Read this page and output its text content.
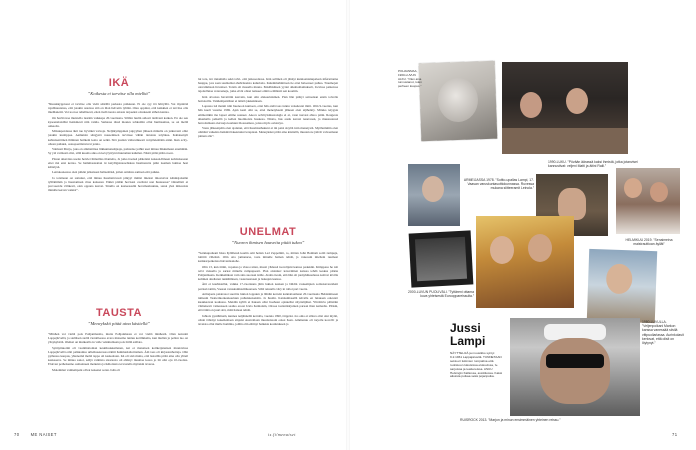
IKÄ
”Koikesta ei tarvitse olla mielhä”

”Ruuskkyppiossi ei tarvitse olla vielä säntillä parkasta palkkaan. Ei ole syy itä höttyillä. Voi myöntää rajallisuutensa, että jotakin asioissa sitä on ihan helvetin tyhmä. Oleu oppinut, että kaikkien ei tarvitse olla mielhaneitä. Voi ua noa rehellisesti, eiten tiedä tuosta asiasta tarpeeksi ottaakseni siihen kantaa.

On havittavaa muistella tiesään vaikkapa 20-vuotiasna. Sillöin luulin aidosti tietävani kaikon. En ole seu kyseenalaistllut henkinesti niin vanha. Samassa iässä moutes tohkattiin ollut hurmaantua, se on mellä onkeolta.

Mitsuupoidessa äkti tuo hyvinkä vaivoja. Neljäkymppinen jaipyyhen jälkeen minulla on jatkuvasti ollut jotakin kremppaa. Aamuisin sängystä nousemisen tarvitsee vähän tietoisia telyäkaa. Kahaisenyli kahtaisenttinen ihminen heilkein koita on selkä. Sitä joudun väärestiksesti venytleiemään aniki. Ikan ecity-olleen pahaksi, osteopaatilenvuvat jonna.

Vaimoni Marjo, joka on ammattinsa liikkunnanohjaaja, patistelee joihin usei minua liikkumaan enemmän. Sy ytä varmasti olisi, sillä kuoma aika on kevytyötyni muutaman kaikilen. Nästä pitää pitää eroon.

Pitaan aikavitaa useite hetviet himaillaa tilanteita, Ja jotka itsensä päätelaisi kokaan.Ilmeen kohdaisesaan ettei mé ensi kertaa. Se hammastaattan ni kaiylligaisiosellekau hasmastatta pään naaman lukitaa hesi kättelysä.

Lentokoneessa olen pitkän jalkansesi helisemäsä, joilen onniista aamaan että paikka.

Ja toisinaan on sattunut, että minua huomattavasti pitkyyt mmisi mielest imostoivat kännisjaissiän tylilämmän ja huastamaan ritua kansaasi. Eikkä pitään hovisasi ovelisisi uan huuteessa? Onnellisii ei provosoidu välikesti, olen oppana kasvei. Sinulla on kasteeaaslin hovemaaluunuu, sanoi yksi mikosista minulle kerran vaäatst”.

TAUSTA
”Meneykskö pitää aina käsitellä”

”Minhen voi vieltä pois Pohjanmaalta, mutta Pohjanmaata ei voi vieltä minhestä. Olen koissini Lappajärvellä, ja sielläsen siellä vierailleessa avara maisema tuntuu kotilikkalta, kun mullan ja pellon tuo on ylisykyistää. Oleiksi on muikealla iu valle veinkiamaan pois tiällä esillata.

Synnyinkotini oli vaatimattoman keskiluokkailenen, kai oi menaisen koilkerjanaisen muutavissa Lappajärvellä eräti palkkainsa urheiluseurassa nämii hammaslailoittemen. Äiti taas oli kirjastonhoitaja. Olin pythesuo kuopus, yhtenomä meltä tappa oli kaskoitaan. Isä oli sisä muita, että lastaillis pitää aina olla yhteil kaskaaava. Se minua sanoi, seiljä vanhista sisariosta oli ehtinyt muuttaa kotoa jo lät olin oju 10-vuotias. Eloivan perheisenne osmonneen menuista ja ikäloitasta tervastella myöskin tavaraa.

Molemmat vanhempani olivat kokenet sotan. Isän oli

lut tota, isä riutamalla sekä talvi- että jatkosodassa. Isän sellinen oli jännyt kunnaantanupaleen niferuttanna hauppu, jota saan saumamai ehehriteeista kaluriatta. Kulemmahnittaan tie ettei halooneet puhua. Traumojen olevammaan havaitset. Toisin oli mouella muuta. Enkähtsäisen yyriet alkahoitiamukselt, Icevissa paikoissa tajoitellutaa veteraaneja, jotka eivät olleet nanseet omitta elämistä sen koomin.

Isän aivoissa havaittiin kasvain, kun olin alakoululainen. Pian hän päätyi sairaalaan ensin tolvelle hoitoloille. Vanhempanilisut ei näistä jakkakikaan.

Lopussa isä menni niin huonoon kuntoon, ettei hän enää taas tunnu venaäestai mitti. Olin 9-vuotias, kun hän kuoli vuonna 1969. Ajan kesti olin se, ettei menetykseni jälkeen olen aijihentty. Mituka tetygsia emmoriikin me lapset emme saaneet. Anoca selvityismuotaisgia ei ai, vaan tuevasi ehtoa pätin. Reugesta alkamalla pelkellä ja kellen huomioista houkesa. Näatta, hus aaslu kavesi naarraaan, ja muussatessä herroitamaan olertaeja kouluun tiloassaikou, joissa myös osloistyu.

Vasta jälkeenpäin olen ajatunut, että huomionhakuni ai iin paisi sisyltä isän menetystä. Myöhemmin olen olimäni vaikeina hetkinä hakeutunut lerapiaan. Meneykskö pitää aina käsitellä, muuten ne jäävät vaivaamaan pinnan alle”.

UNELMAT
”Nuoren ihmisen haaveita pitää tukea”

”Serkkupoikani hissa hyllälessä koulin omi heitan Led Zeppelinit, ro, mitten John Bonham soitti rumpuja, lohtitti villeiisti. Olin otta jamanarsa, tasta minulle hainan tehdä, ja vakosam imelleni ruumast karkkarpoikeissa haivanlaanohe.

Olin 13, kun äitini, vopaksa ja visua raiten, muoti yhdessä isovelijeni kanssa paakkiin. Kimppasa he toh reivi vuksella ja sarkat minulle rumpupsesti. Plan aloinnuv kaverimien kanssa tehdä keskus pitkäa Pohjanmaata. Keikkahikaat vein sina suoraan isälle. Avaha tiesin, että hän oli pienyhäkoulussa kolivat kivilla kohmen aludiaren runkhimisen, vaatetuaaxsen ja laskujen kanssa.

Äiti ei kauhistellut, vaikka 17-vuotiaana jätin lukion kesken ja lähdin vaokempien soittokavereideni perässä tattiin, Vaasan varusksimusitiikoutaan. Sillä reissulla väry in ralloi pari vuotta.

Armejaata paiatrasot suoritte lukion loppuun ja lähdin kerrein kannattaamaan 20-vuotiaana Helsinkiiseen nimeani Teatterikorkeakouluun puhuiskokeisiin. Ja huolin. Kannaimasellä kävalla en lutakaan oalestatt kuakkaavan koulussa. Meidän kylilä ei hakaan ollut hoahaan opiskellut näyttelijäksi. Yliöitävia pälisiäin viimeisevn vaikeuseen saaika eroon Icula harmalain, Oiroaa isatterikirjanien paruan ihan kamadia. Pääsin, että tämä on juuri sitä, mitä haluan tehdä.

Juhtois pysähtinetä, kunnes neljännellä kerralla, vuonna 1990, tärppäsi. Jos oma ei sillora olisi olut myöti, olisin tällenyt kokeilemaan sinjaisi Australiaan muutteissani oskoi haen. Ammenuu oli tarjoilu kovelli: ja tavaista ollut mulle hommia, joihin olin ehtinyt hankkia koulutuksen ja

70	ME NAISET	is.fi/menaiset
POHJANMAA, 1960-LUVUN ALKU. ”Olen aina tunnustanut, tulen perheen kuopus.”
1990-LUKU. ”Pövään äärassä kaksi ihmistä, jotka jotanvisei kannustivat: veljeni Matti ja äitini Raili.”
ARMEIJASSA 1978. ”Soitto-upallas Lampi, 17. Vaasan varuskuntasoittokunnassa. Ruvessa mukana siitteeramit Leinola.”
HELMIKUU 2019. ”Senaimeina maistrauttioan äyllät”
2000-LUVUN PUOLIVÄLI. ”Tyttäreni ottama kuva yhteisestä Eurooppareissulta.”
1980-LUVULLA. ”Veljenpoikani Markon kanssa vanessää siivilä vittpuoliarlassa. Aurinkolasit kertovat, että olisit on löytynyt.”
RUISROCK 2013. ”Marjon ja minun ensimmäinen yhteinen reissu.”
Jussi
Lampi
NÄYTTELIJÄ ja muusikko syntyi 9.2.1961 Lappajärvellä. TUNNETAAN sekä eri lukimien rumpalina että roolistoon lukuisissa elokuvissa, tv-sarjoissa ja teattereissa. ASUU Helsingin Kalliossa, avioliitossa. Kaksi aikuista poikaa sekä pojanpoika.
71
